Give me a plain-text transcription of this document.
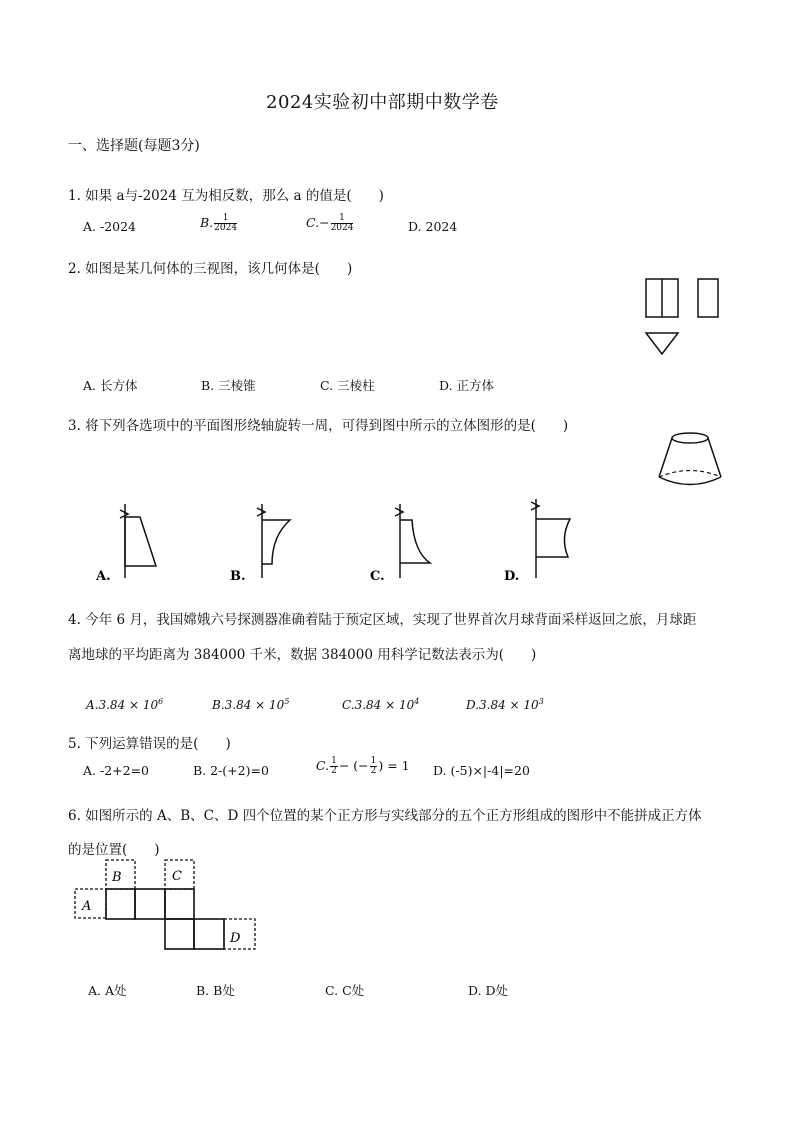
2024实验初中部期中数学卷
一、选择题(每题3分)
1. 如果 a与-2024 互为相反数，那么 a 的值是(　　)
A. -2024	B. $\frac{1}{2024}$	$C.- \frac{1}{2024}$	D. 2024
2. 如图是某几何体的三视图，该几何体是(　　)
A. 长方体	B. 三棱锥	C. 三棱柱	D. 正方体
3. 将下列各选项中的平面图形绕轴旋转一周，可得到图中所示的立体图形的是(　　)
A.	B.	C.	D.
4. 今年 6 月，我国嫦娥六号探测器准确着陆于预定区域，实现了世界首次月球背面采样返回之旅，月球距
离地球的平均距离为 384000 千米，数据 384000 用科学记数法表示为(　　)
$A.3.84 \times 10^6$	$B.3.84 \times 10^5$	$C.3.84 \times 10^4$	$D.3.84 \times 10^3$
5. 下列运算错误的是(　　)
A. -2+2=0	B. 2-(+2)=0	C. $\frac{1}{2}$ − (− $\frac{1}{2}$ ) = 1 D. (-5)×|-4|=20
6. 如图所示的 A、B、C、D 四个位置的某个正方形与实线部分的五个正方形组成的图形中不能拼成正方体
的是位置(　　)
A
B	C
D
A. A处	B. B处	C. C处	D. D处
